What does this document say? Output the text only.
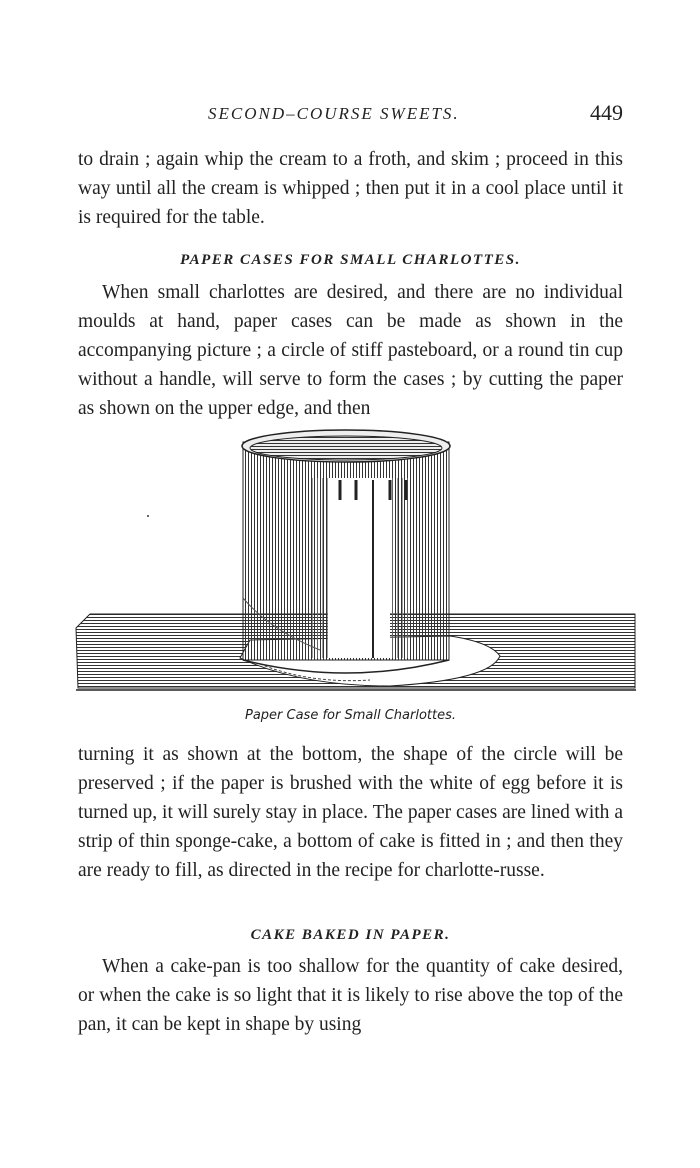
SECOND–COURSE SWEETS.	449

to drain ; again whip the cream to a froth, and skim ; proceed in this way until all the cream is whipped ; then put it in a cool place until it is required for the table.

PAPER CASES FOR SMALL CHARLOTTES.

When small charlottes are desired, and there are no individual moulds at hand, paper cases can be made as shown in the accompanying picture ; a circle of stiff pasteboard, or a round tin cup without a handle, will serve to form the cases ; by cutting the paper as shown on the upper edge, and then

Paper Case for Small Charlottes.

turning it as shown at the bottom, the shape of the circle will be preserved ; if the paper is brushed with the white of egg before it is turned up, it will surely stay in place. The paper cases are lined with a strip of thin sponge-cake, a bottom of cake is fitted in ; and then they are ready to fill, as directed in the recipe for charlotte-russe.

CAKE BAKED IN PAPER.

When a cake-pan is too shallow for the quantity of cake desired, or when the cake is so light that it is likely to rise above the top of the pan, it can be kept in shape by using
